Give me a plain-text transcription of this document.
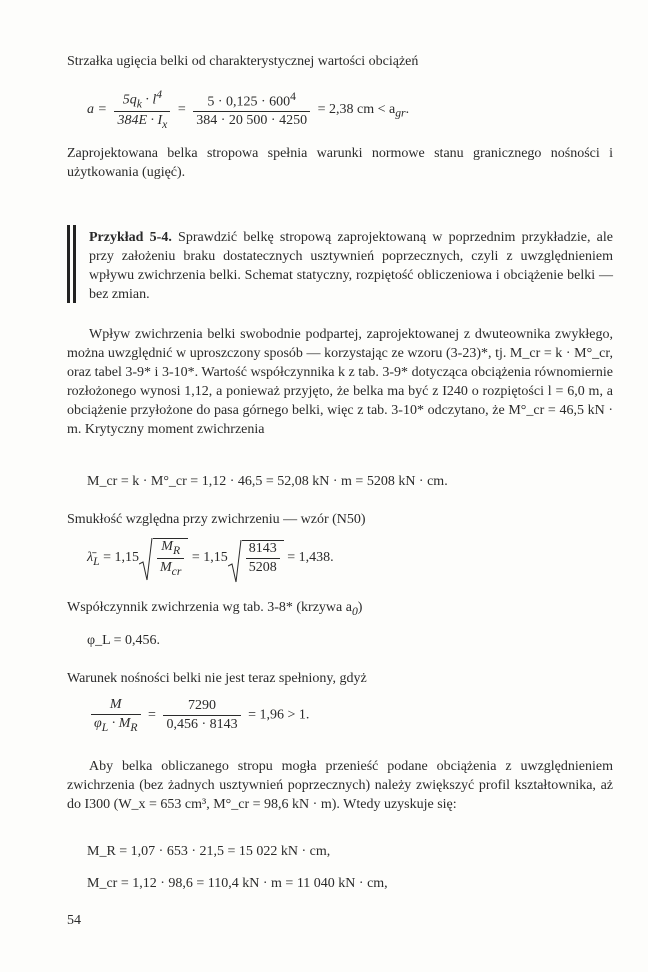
Strzałka ugięcia belki od charakterystycznej wartości obciążeń
$a = \frac{5q_k \cdot l^4}{384E \cdot I_x} = \frac{5 \cdot 0,125 \cdot 600^4}{384 \cdot 20 500 \cdot 4250} = 2,38$ cm < $a_{gr}$.
Zaprojektowana belka stropowa spełnia warunki normowe stanu granicznego nośności i użytkowania (ugięć).
Przykład 5-4. Sprawdzić belkę stropową zaprojektowaną w poprzednim przykładzie, ale przy założeniu braku dostatecznych usztywnień poprzecznych, czyli z uwzględnieniem wpływu zwichrzenia belki. Schemat statyczny, rozpiętość obliczeniowa i obciążenie belki — bez zmian.
Wpływ zwichrzenia belki swobodnie podpartej, zaprojektowanej z dwuteownika zwykłego, można uwzględnić w uproszczony sposób — korzystając ze wzoru (3-23)*, tj. M_cr = k · M°_cr, oraz tabel 3-9* i 3-10*. Wartość współczynnika k z tab. 3-9* dotycząca obciążenia równomiernie rozłożonego wynosi 1,12, a ponieważ przyjęto, że belka ma być z I240 o rozpiętości l = 6,0 m, a obciążenie przyłożone do pasa górnego belki, więc z tab. 3-10* odczytano, że M°_cr = 46,5 kN · m. Krytyczny moment zwichrzenia
M_cr = k · M°_cr = 1,12 · 46,5 = 52,08 kN · m = 5208 kN · cm.
Smukłość względna przy zwichrzeniu — wzór (N50)
$\lambdā_L = 1,15 \frac{M_R}{M_{cr}} = 1,15 \frac{8143}{5208} = 1,438$.
Współczynnik zwichrzenia wg tab. 3-8* (krzywa $a_0$)
φ_L = 0,456.
Warunek nośności belki nie jest teraz spełniony, gdyż
$\frac{M}{\varphi_L \cdot M_R} = \frac{7290}{0,456 \cdot 8143} = 1,96 > 1$.
Aby belka obliczanego stropu mogła przenieść podane obciążenia z uwzględnieniem zwichrzenia (bez żadnych usztywnień poprzecznych) należy zwiększyć profil kształtownika, aż do I300 (W_x = 653 cm³, M°_cr = 98,6 kN · m). Wtedy uzyskuje się:
M_R = 1,07 · 653 · 21,5 = 15 022 kN · cm,
M_cr = 1,12 · 98,6 = 110,4 kN · m = 11 040 kN · cm,
54
